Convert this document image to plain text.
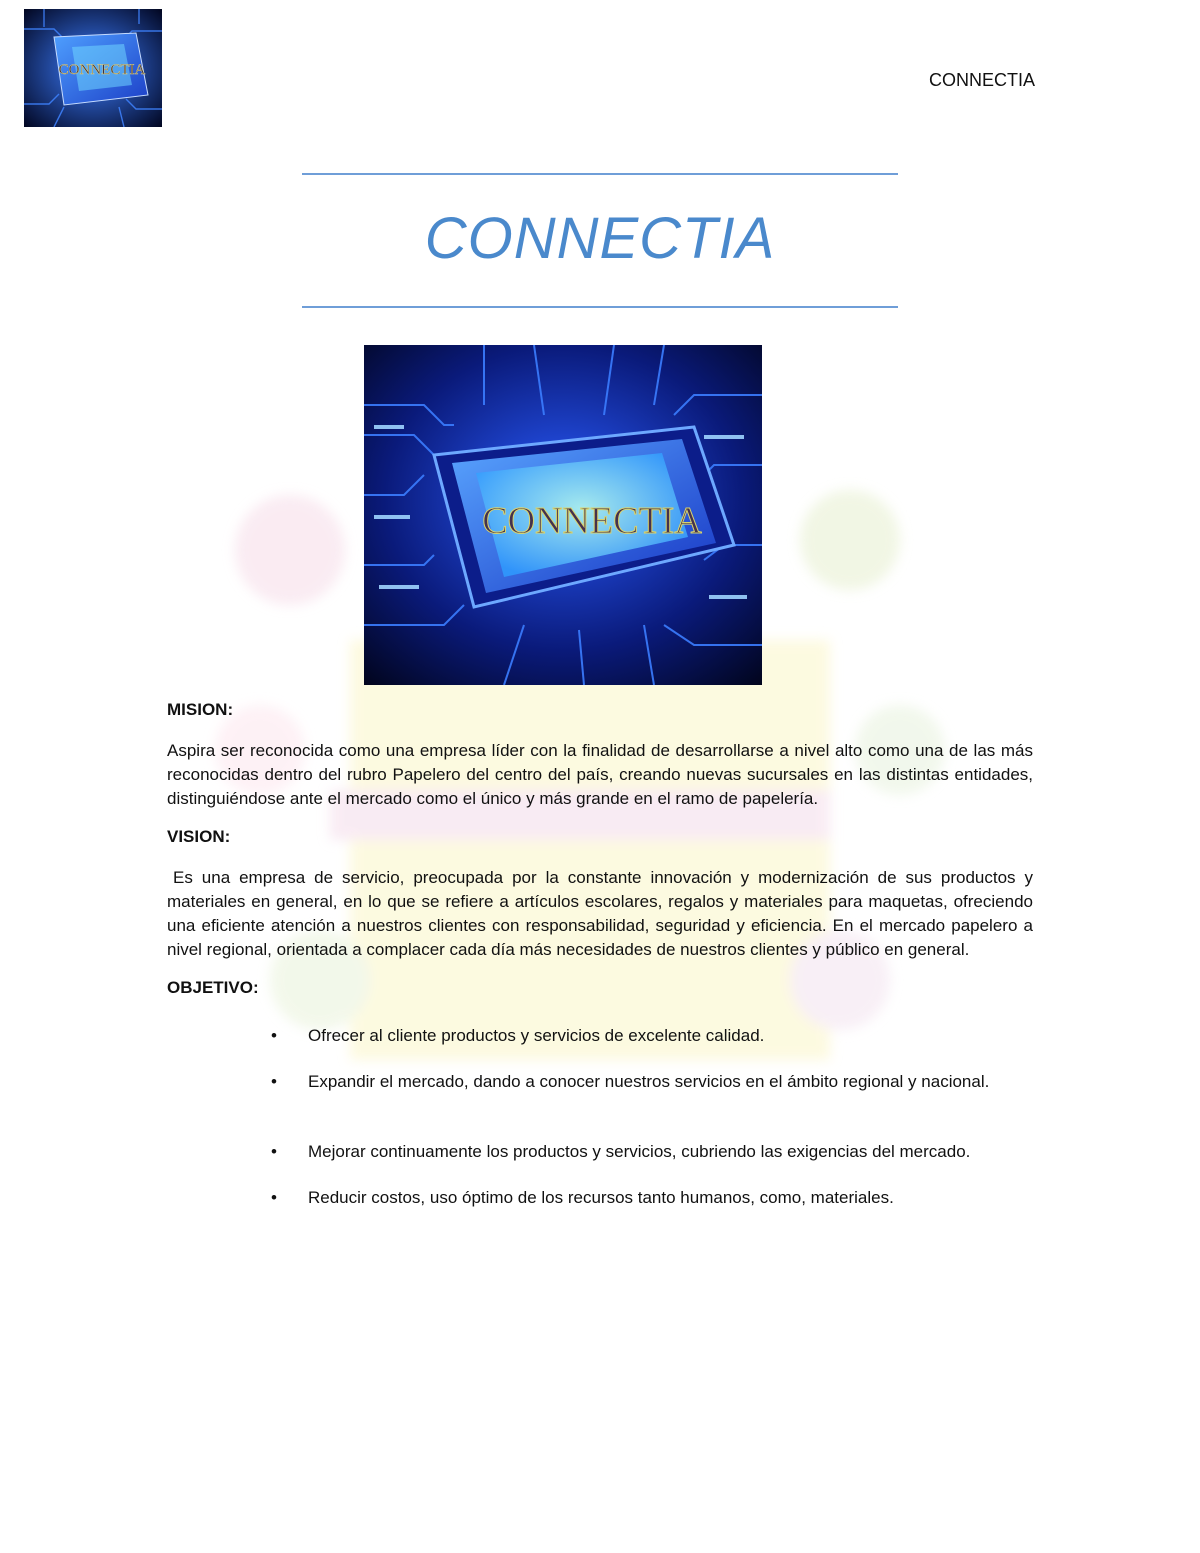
CONNECTIA	CONNECTIA
CONNECTIA
CONNECTIA

MISION:

Aspira ser reconocida como una empresa líder con la finalidad de desarrollarse a nivel alto como una de las más reconocidas dentro del rubro Papelero del centro del país, creando nuevas sucursales en las distintas entidades, distinguiéndose ante el mercado como el único y más grande en el ramo de papelería.

VISION:

Es una empresa de servicio, preocupada por la constante innovación y modernización de sus productos y materiales en general, en lo que se refiere a artículos escolares, regalos y materiales para maquetas, ofreciendo una eficiente atención a nuestros clientes con responsabilidad, seguridad y eficiencia. En el mercado papelero a nivel regional, orientada a complacer cada día más necesidades de nuestros clientes y público en general.

OBJETIVO:

• Ofrecer al cliente productos y servicios de excelente calidad.
• Expandir el mercado, dando a conocer nuestros servicios en el ámbito regional y nacional.
• Mejorar continuamente los productos y servicios, cubriendo las exigencias del mercado.
• Reducir costos, uso óptimo de los recursos tanto humanos, como, materiales.
